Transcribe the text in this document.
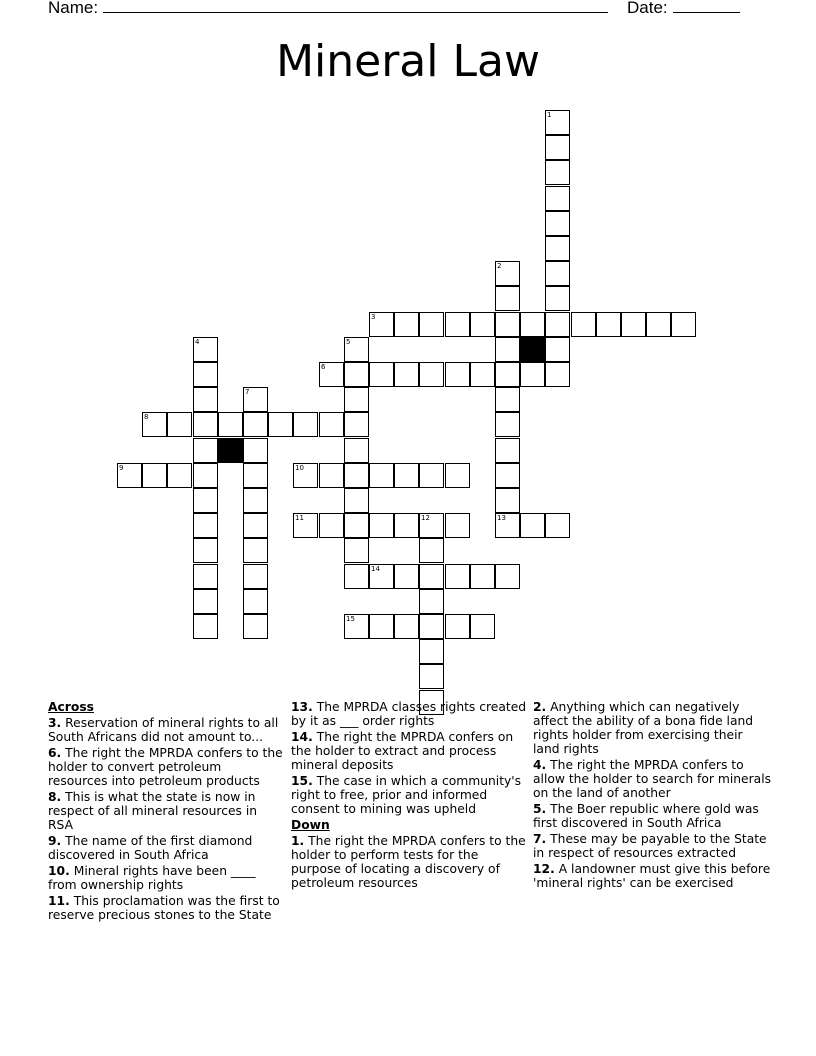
Name:	Date:
Mineral Law
3
6
8
9	10
11	12	13
14
15
1
2
4	5
7
Across
3. Reservation of mineral rights to all South Africans did not amount to...
6. The right the MPRDA confers to the holder to convert petroleum resources into petroleum products
8. This is what the state is now in respect of all mineral resources in RSA
9. The name of the first diamond discovered in South Africa
10. Mineral rights have been ____ from ownership rights
11. This proclamation was the first to reserve precious stones to the State
13. The MPRDA classes rights created by it as ___ order rights
14. The right the MPRDA confers on the holder to extract and process mineral deposits
15. The case in which a community's right to free, prior and informed consent to mining was upheld
Down
1. The right the MPRDA confers to the holder to perform tests for the purpose of locating a discovery of petroleum resources
2. Anything which can negatively affect the ability of a bona fide land rights holder from exercising their land rights
4. The right the MPRDA confers to allow the holder to search for minerals on the land of another
5. The Boer republic where gold was first discovered in South Africa
7. These may be payable to the State in respect of resources extracted
12. A landowner must give this before 'mineral rights' can be exercised
